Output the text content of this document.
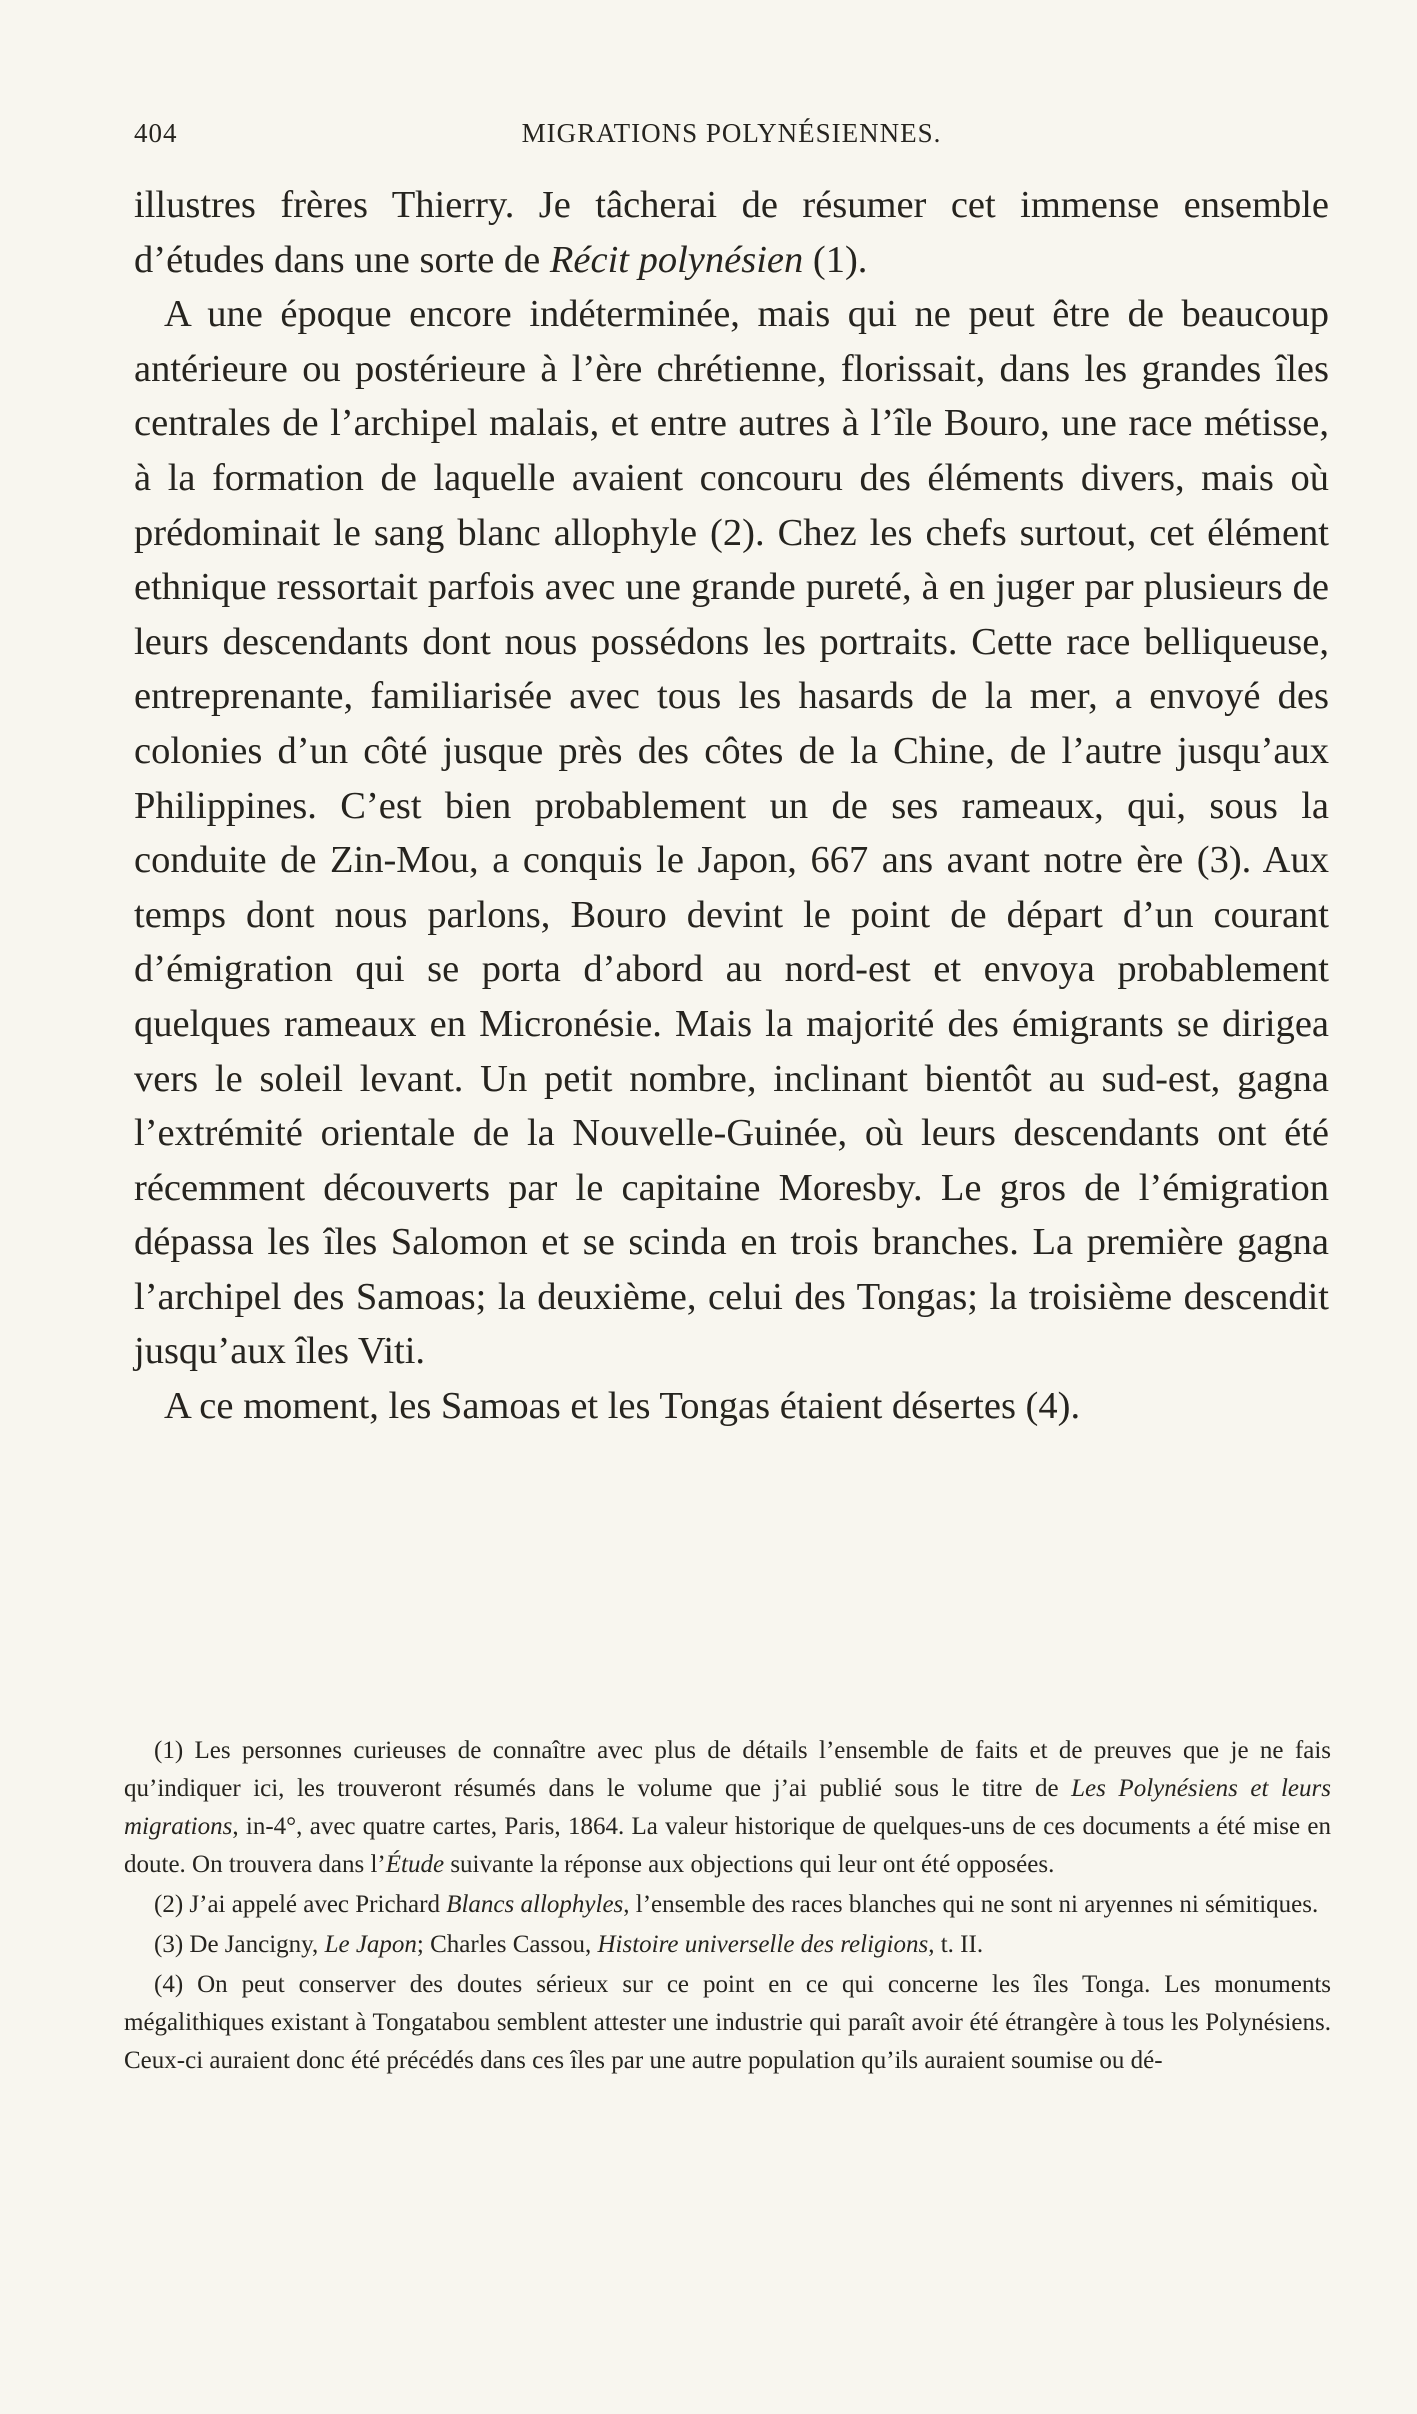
404	MIGRATIONS POLYNÉSIENNES.

illustres frères Thierry. Je tâcherai de résumer cet immense ensemble d’études dans une sorte de Récit polynésien (1).

A une époque encore indéterminée, mais qui ne peut être de beaucoup antérieure ou postérieure à l’ère chrétienne, florissait, dans les grandes îles centrales de l’archipel malais, et entre autres à l’île Bouro, une race métisse, à la formation de laquelle avaient concouru des éléments divers, mais où prédominait le sang blanc allophyle (2). Chez les chefs surtout, cet élément ethnique ressortait parfois avec une grande pureté, à en juger par plusieurs de leurs descendants dont nous possédons les portraits. Cette race belliqueuse, entreprenante, familiarisée avec tous les hasards de la mer, a envoyé des colonies d’un côté jusque près des côtes de la Chine, de l’autre jusqu’aux Philippines. C’est bien probablement un de ses rameaux, qui, sous la conduite de Zin-Mou, a conquis le Japon, 667 ans avant notre ère (3). Aux temps dont nous parlons, Bouro devint le point de départ d’un courant d’émigration qui se porta d’abord au nord-est et envoya probablement quelques rameaux en Micronésie. Mais la majorité des émigrants se dirigea vers le soleil levant. Un petit nombre, inclinant bientôt au sud-est, gagna l’extrémité orientale de la Nouvelle-Guinée, où leurs descendants ont été récemment découverts par le capitaine Moresby. Le gros de l’émigration dépassa les îles Salomon et se scinda en trois branches. La première gagna l’archipel des Samoas; la deuxième, celui des Tongas; la troisième descendit jusqu’aux îles Viti.

A ce moment, les Samoas et les Tongas étaient désertes (4).

(1) Les personnes curieuses de connaître avec plus de détails l’ensemble de faits et de preuves que je ne fais qu’indiquer ici, les trouveront résumés dans le volume que j’ai publié sous le titre de Les Polynésiens et leurs migrations, in-4°, avec quatre cartes, Paris, 1864. La valeur historique de quelques-uns de ces documents a été mise en doute. On trouvera dans l’Étude suivante la réponse aux objections qui leur ont été opposées.

(2) J’ai appelé avec Prichard Blancs allophyles, l’ensemble des races blanches qui ne sont ni aryennes ni sémitiques.

(3) De Jancigny, Le Japon; Charles Cassou, Histoire universelle des religions, t. II.

(4) On peut conserver des doutes sérieux sur ce point en ce qui concerne les îles Tonga. Les monuments mégalithiques existant à Tongatabou semblent attester une industrie qui paraît avoir été étrangère à tous les Polynésiens. Ceux-ci auraient donc été précédés dans ces îles par une autre population qu’ils auraient soumise ou dé-
